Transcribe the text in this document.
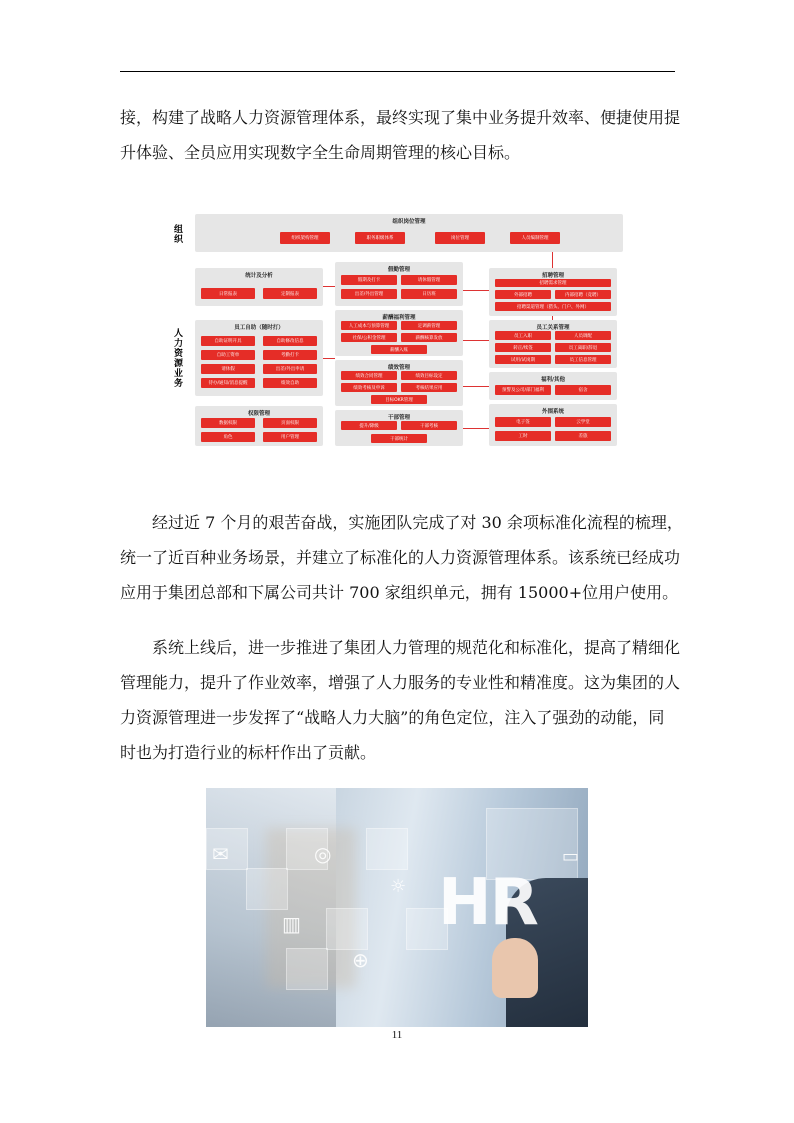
接，构建了战略人力资源管理体系，最终实现了集中业务提升效率、便捷使用提
升体验、全员应用实现数字全生命周期管理的核心目标。

组织
人力资源业务
组织岗位管理
组织架构管理	职务职级体系	岗位管理	人员编制管理
统计及分析
日常报表	定制报表
员工自助（随时打）
自助证明开具	自助修改信息
自助工资单	考勤打卡
请休假	出差/外出申请
待办/通知/消息提醒	绩效自助
权限管理
数据权限	页面权限
角色	用户管理
假勤管理
假期及打卡	请休假管理
出差/外出管理	日历班
薪酬福利管理
人工成本与预算管理	定调薪管理
社保/公积金管理	薪酬核算发放
薪酬入账
绩效管理
绩效合同管理	绩效目标设定
绩效考核及申诉	考核结果应用
目标OKR管理
干部管理
提升/降级	干部考核
干部统计
招聘管理
招聘需求管理
外部招聘	内部招聘（竞聘）
招聘渠道管理（猎头、门户、外网）
员工关系管理
员工入职	人员调配
转正/续签	员工离职/辞退
试用/试岗期	员工信息管理
福利/其他
预警及公司/部门福利	宿舍
外围系统
电子签	云学堂
工时	差旅

经过近 7 个月的艰苦奋战，实施团队完成了对 30 余项标准化流程的梳理，
统一了近百种业务场景，并建立了标准化的人力资源管理体系。该系统已经成功
应用于集团总部和下属公司共计 700 家组织单元，拥有 15000+位用户使用。

系统上线后，进一步推进了集团人力管理的规范化和标准化，提高了精细化
管理能力，提升了作业效率，增强了人力服务的专业性和精准度。这为集团的人
力资源管理进一步发挥了“战略人力大脑”的角色定位，注入了强劲的动能，同
时也为打造行业的标杆作出了贡献。

✉	◎
☼
▥
⊕
▭
HR
11
